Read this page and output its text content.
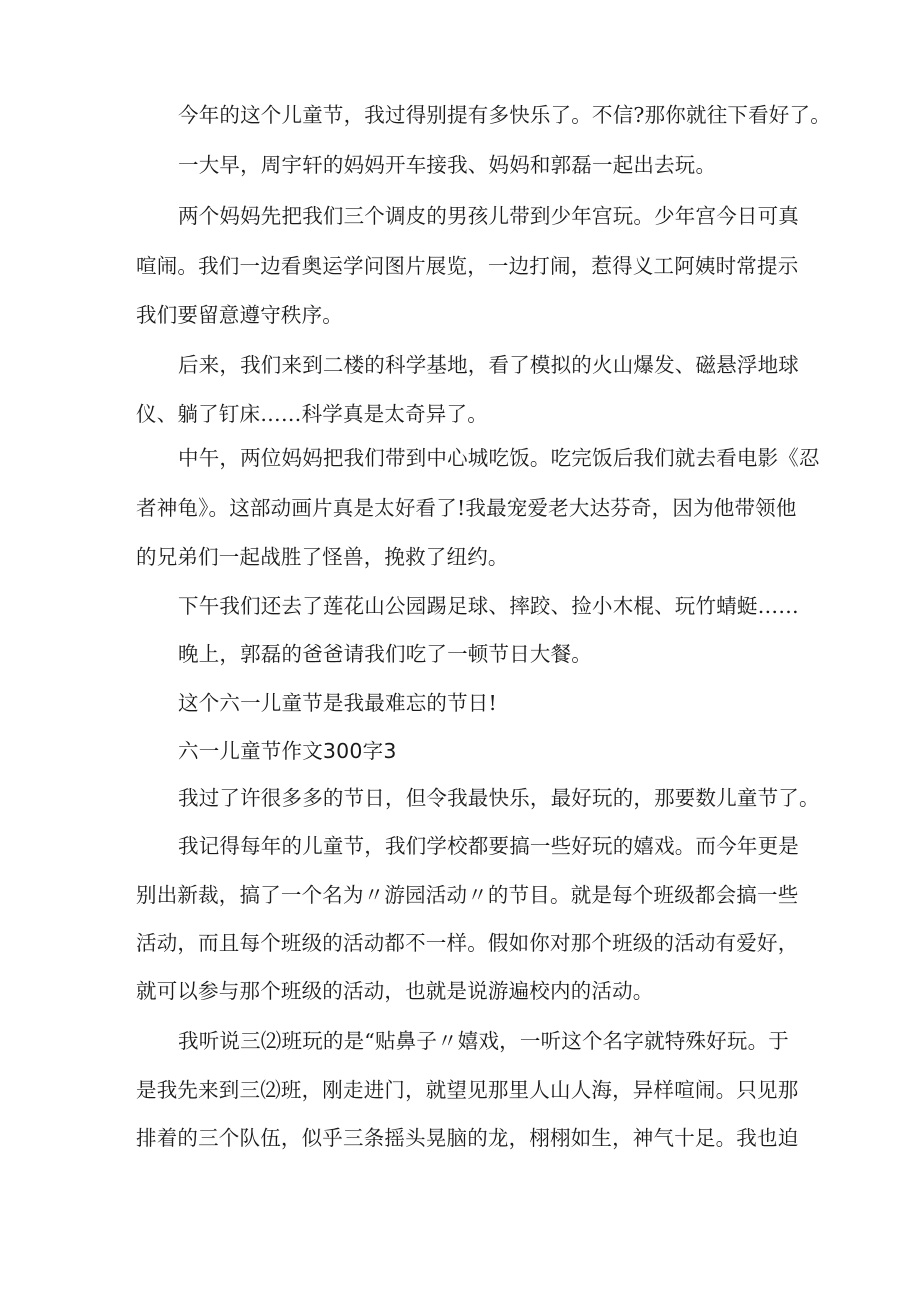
今年的这个儿童节，我过得别提有多快乐了。不信?那你就往下看好了。
一大早，周宇轩的妈妈开车接我、妈妈和郭磊一起出去玩。
两个妈妈先把我们三个调皮的男孩儿带到少年宫玩。少年宫今日可真
喧闹。我们一边看奥运学问图片展览，一边打闹，惹得义工阿姨时常提示
我们要留意遵守秩序。
后来，我们来到二楼的科学基地，看了模拟的火山爆发、磁悬浮地球
仪、躺了钉床……科学真是太奇异了。
中午，两位妈妈把我们带到中心城吃饭。吃完饭后我们就去看电影《忍
者神龟》。这部动画片真是太好看了!我最宠爱老大达芬奇，因为他带领他
的兄弟们一起战胜了怪兽，挽救了纽约。
下午我们还去了莲花山公园踢足球、摔跤、捡小木棍、玩竹蜻蜓……
晚上，郭磊的爸爸请我们吃了一顿节日大餐。
这个六一儿童节是我最难忘的节日!
六一儿童节作文300字3
我过了许很多多的节日，但令我最快乐，最好玩的，那要数儿童节了。
我记得每年的儿童节，我们学校都要搞一些好玩的嬉戏。而今年更是
别出新裁，搞了一个名为〃游园活动〃的节目。就是每个班级都会搞一些
活动，而且每个班级的活动都不一样。假如你对那个班级的活动有爱好，
就可以参与那个班级的活动，也就是说游遍校内的活动。
我听说三⑵班玩的是“贴鼻子〃嬉戏，一听这个名字就特殊好玩。于
是我先来到三⑵班，刚走进门，就望见那里人山人海，异样喧闹。只见那
排着的三个队伍，似乎三条摇头晃脑的龙，栩栩如生，神气十足。我也迫
